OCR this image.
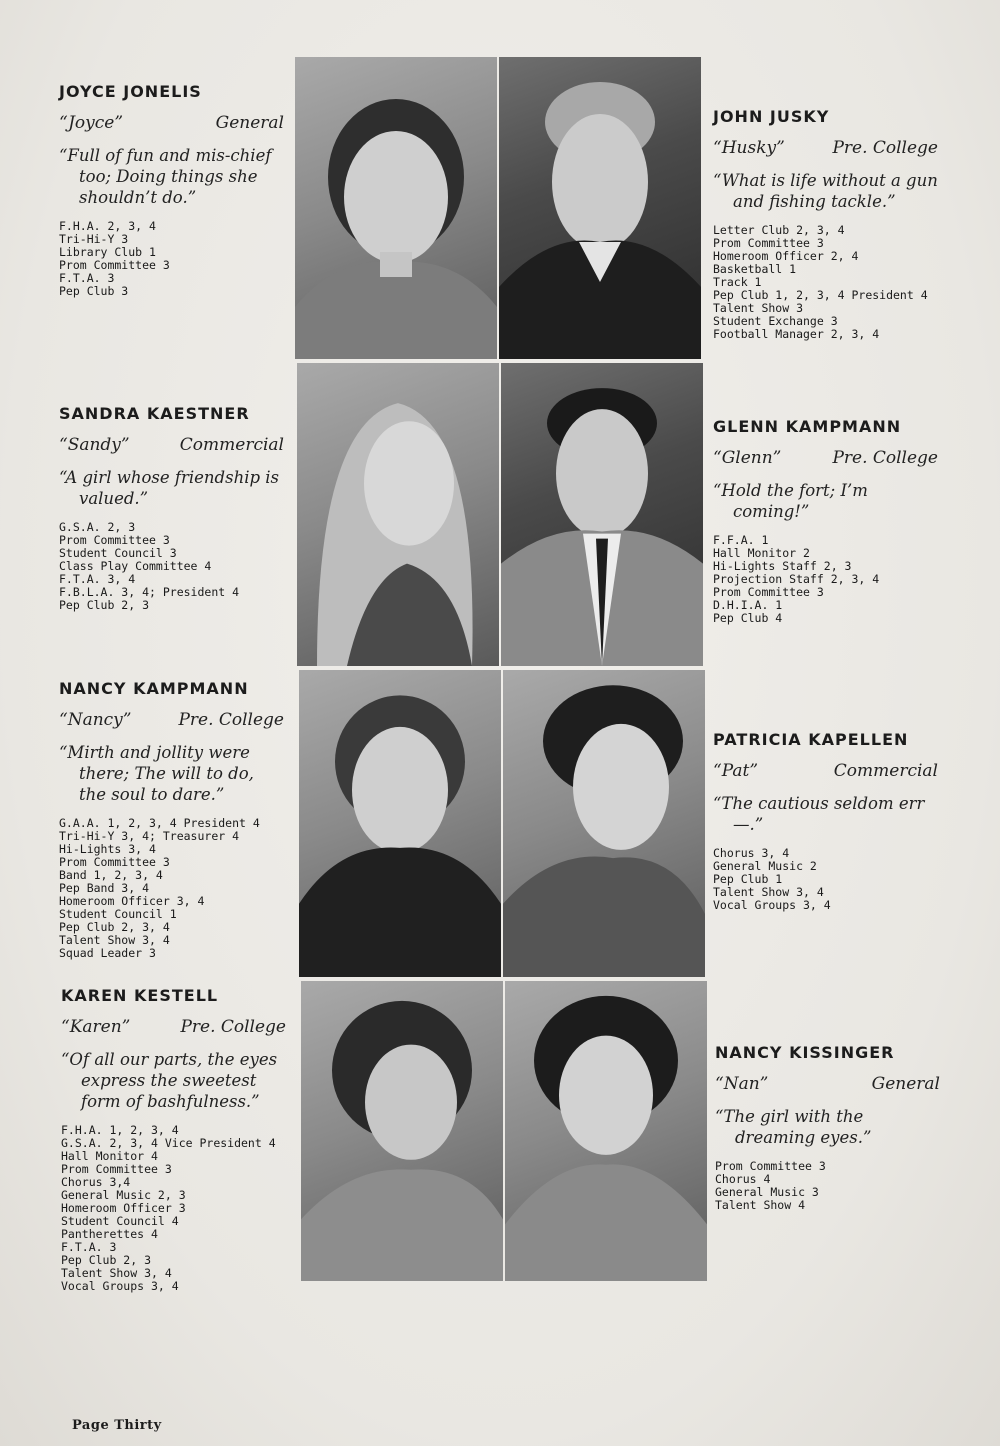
JOYCE JONELIS
“Joyce”	General

“Full of fun and mis-chief too; Doing things she shouldn’t do.”

F.H.A. 2, 3, 4
Tri-Hi-Y 3
Library Club 1
Prom Committee 3
F.T.A. 3
Pep Club 3
JOHN JUSKY
“Husky”	Pre. College

“What is life without a gun and fishing tackle.”

Letter Club 2, 3, 4
Prom Committee 3
Homeroom Officer 2, 4
Basketball 1
Track 1
Pep Club 1, 2, 3, 4 President 4
Talent Show 3
Student Exchange 3
Football Manager 2, 3, 4
SANDRA KAESTNER
“Sandy”	Commercial

“A girl whose friendship is valued.”

G.S.A. 2, 3
Prom Committee 3
Student Council 3
Class Play Committee 4
F.T.A. 3, 4
F.B.L.A. 3, 4; President 4
Pep Club 2, 3
GLENN KAMPMANN
“Glenn”	Pre. College

“Hold the fort; I’m coming!”

F.F.A. 1
Hall Monitor 2
Hi-Lights Staff 2, 3
Projection Staff 2, 3, 4
Prom Committee 3
D.H.I.A. 1
Pep Club 4
NANCY KAMPMANN
“Nancy”	Pre. College

“Mirth and jollity were there; The will to do, the soul to dare.”

G.A.A. 1, 2, 3, 4 President 4
Tri-Hi-Y 3, 4; Treasurer 4
Hi-Lights 3, 4
Prom Committee 3
Band 1, 2, 3, 4
Pep Band 3, 4
Homeroom Officer 3, 4
Student Council 1
Pep Club 2, 3, 4
Talent Show 3, 4
Squad Leader 3
PATRICIA KAPELLEN
“Pat”	Commercial

“The cautious seldom err—.”

Chorus 3, 4
General Music 2
Pep Club 1
Talent Show 3, 4
Vocal Groups 3, 4
KAREN KESTELL
“Karen”	Pre. College

“Of all our parts, the eyes express the sweetest form of bashfulness.”

F.H.A. 1, 2, 3, 4
G.S.A. 2, 3, 4 Vice President 4
Hall Monitor 4
Prom Committee 3
Chorus 3,4
General Music 2, 3
Homeroom Officer 3
Student Council 4
Pantherettes 4
F.T.A. 3
Pep Club 2, 3
Talent Show 3, 4
Vocal Groups 3, 4
NANCY KISSINGER
“Nan”	General

“The girl with the dreaming eyes.”

Prom Committee 3
Chorus 4
General Music 3
Talent Show 4
Page Thirty
